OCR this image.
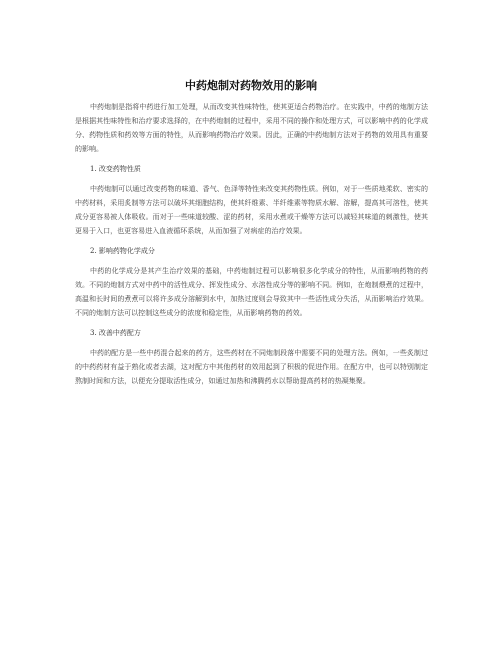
中药炮制对药物效用的影响

中药炮制是指将中药进行加工处理，从而改变其性味特性，使其更适合药物治疗。在实践中，中药的炮制方法是根据其性味特性和治疗要求选择的，在中药炮制的过程中，采用不同的操作和处理方式，可以影响中药的化学成分、药物性质和药效等方面的特性，从而影响药物治疗效果。因此，正确的中药炮制方法对于药物的效用具有重要的影响。

1. 改变药物性质

中药炮制可以通过改变药物的味道、香气、色泽等特性来改变其药物性质。例如，对于一些质地柔软、密实的中药材料，采用炙制等方法可以破坏其细胞结构，使其纤维素、半纤维素等物质水解、溶解，提高其可溶性，使其成分更容易被人体吸收。而对于一些味道较酸、涩的药材，采用水煮或干燥等方法可以减轻其味道的刺激性，使其更易于入口，也更容易进入血液循环系统，从而加强了对病症的治疗效果。

2. 影响药物化学成分

中药的化学成分是其产生治疗效果的基础，中药炮制过程可以影响很多化学成分的特性，从而影响药物的药效。不同的炮制方式对中药中的活性成分、挥发性成分、水溶性成分等的影响不同。例如，在炮制煨煮的过程中，高温和长时间的煮煮可以将许多成分溶解到水中，加热过度则会导致其中一些活性成分失活，从而影响治疗效果。不同的炮制方法可以控制这些成分的浓度和稳定性，从而影响药物的药效。

3. 改善中药配方

中药的配方是一些中药混合起来的药方，这些药材在不同炮制段落中需要不同的处理方法。例如，一些炙制过的中药药材有益于熟化或者去湖，这对配方中其他药材的效用起到了积极的促进作用。在配方中，也可以特别制定熬制时间和方法，以便充分提取活性成分，如通过加热和沸腾药水以帮助提高药材的热凝集聚。
